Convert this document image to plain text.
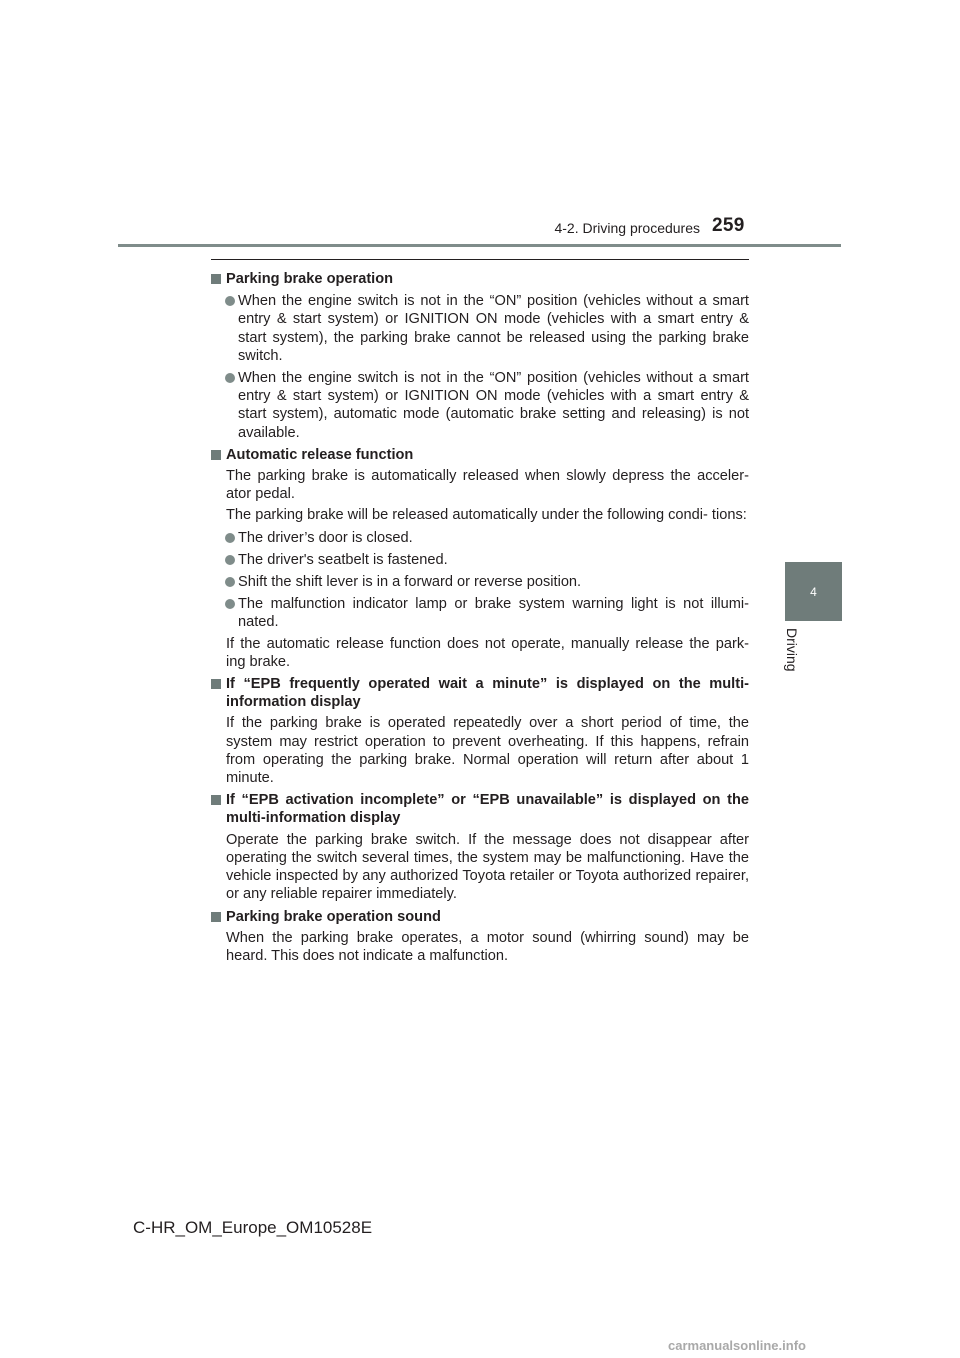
4-2. Driving procedures 259
4
Driving
Parking brake operation
When the engine switch is not in the “ON” position (vehicles without a smart entry & start system) or IGNITION ON mode (vehicles with a smart entry & start system), the parking brake cannot be released using the parking brake switch.
When the engine switch is not in the “ON” position (vehicles without a smart entry & start system) or IGNITION ON mode (vehicles with a smart entry & start system), automatic mode (automatic brake setting and releasing) is not available.
Automatic release function
The parking brake is automatically released when slowly depress the acceler- ator pedal.
The parking brake will be released automatically under the following condi- tions:
The driver’s door is closed.
The driver's seatbelt is fastened.
Shift the shift lever is in a forward or reverse position.
The malfunction indicator lamp or brake system warning light is not illumi- nated.
If the automatic release function does not operate, manually release the park- ing brake.
If “EPB frequently operated wait a minute” is displayed on the multi- information display
If the parking brake is operated repeatedly over a short period of time, the system may restrict operation to prevent overheating. If this happens, refrain from operating the parking brake. Normal operation will return after about 1 minute.
If “EPB activation incomplete” or “EPB unavailable” is displayed on the multi-information display
Operate the parking brake switch. If the message does not disappear after operating the switch several times, the system may be malfunctioning. Have the vehicle inspected by any authorized Toyota retailer or Toyota authorized repairer, or any reliable repairer immediately.
Parking brake operation sound
When the parking brake operates, a motor sound (whirring sound) may be heard. This does not indicate a malfunction.
C-HR_OM_Europe_OM10528E
carmanualsonline.info
